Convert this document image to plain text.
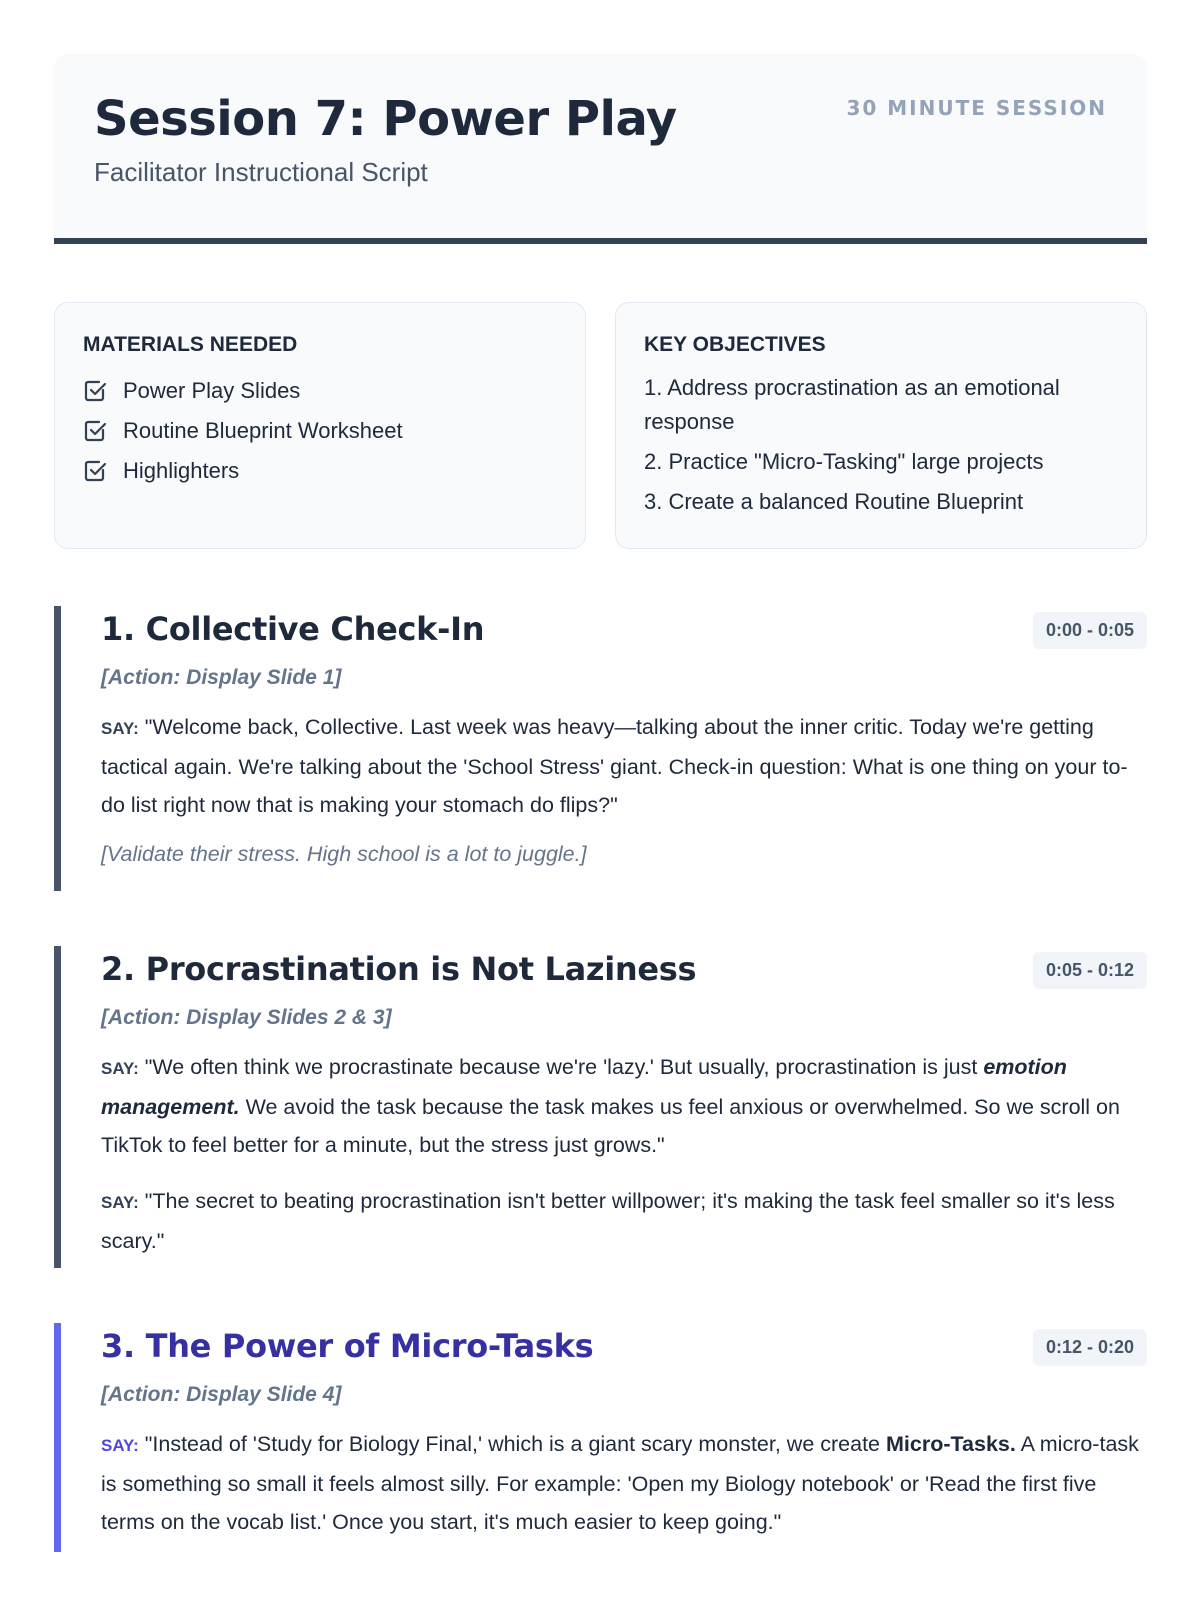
Session 7: Power Play
Facilitator Instructional Script
30 MINUTE SESSION
MATERIALS NEEDED
Power Play Slides
Routine Blueprint Worksheet
Highlighters
KEY OBJECTIVES
1. Address procrastination as an emotional response
2. Practice "Micro-Tasking" large projects
3. Create a balanced Routine Blueprint
1. Collective Check-In	0:00 - 0:05
[Action: Display Slide 1]

SAY: "Welcome back, Collective. Last week was heavy—talking about the inner critic. Today we're getting tactical again. We're talking about the 'School Stress' giant. Check-in question: What is one thing on your to-do list right now that is making your stomach do flips?"

[Validate their stress. High school is a lot to juggle.]
2. Procrastination is Not Laziness	0:05 - 0:12
[Action: Display Slides 2 & 3]

SAY: "We often think we procrastinate because we're 'lazy.' But usually, procrastination is just emotion management. We avoid the task because the task makes us feel anxious or overwhelmed. So we scroll on TikTok to feel better for a minute, but the stress just grows."

SAY: "The secret to beating procrastination isn't better willpower; it's making the task feel smaller so it's less scary."

3. The Power of Micro-Tasks	0:12 - 0:20
[Action: Display Slide 4]

SAY: "Instead of 'Study for Biology Final,' which is a giant scary monster, we create Micro-Tasks. A micro-task is something so small it feels almost silly. For example: 'Open my Biology notebook' or 'Read the first five terms on the vocab list.' Once you start, it's much easier to keep going."
